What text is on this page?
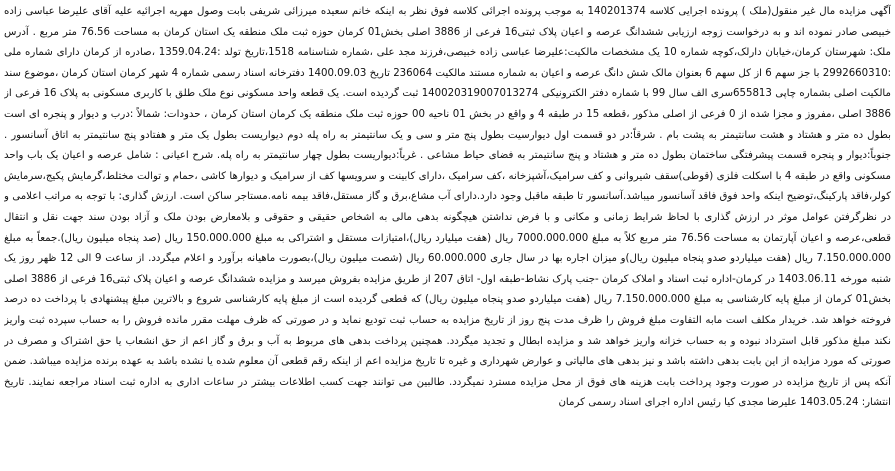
آگهی مزایده مال غیر منقول(ملک ) پرونده اجرایی کلاسه 140201374 به موجب پرونده اجرائی کلاسه فوق نظر به اینکه خانم سعیده میرزائی شریفی بابت وصول مهریه اجرائیه علیه آقای علیرضا عباسی زاده خبیصی صادر نموده اند و به درخواست زوجه ارزیابی ششدانگ عرصه و اعیان پلاک ثبتی16 فرعی از 3886 اصلی بخش01 کرمان حوزه ثبت ملک منطقه یک استان کرمان به مساحت 76.56 متر مربع . آدرس ملک: شهرستان کرمان،خیابان دارلک،کوچه شماره 10 یک مشخصات مالکیت:علیرضا عباسی زاده خبیصی،فرزند مجد علی ،شماره شناسنامه 1518،تاریخ تولد :1359.04.24 ،صادره از کرمان دارای شماره ملی :2992660310 با جز سهم 6 از کل سهم 6 بعنوان مالک شش دانگ عرصه و اعیان به شماره مستند مالکیت 236064 تاریخ 1400.09.03 دفترخانه اسناد رسمی شماره 4 شهر کرمان استان کرمان ،موضوع سند مالکیت اصلی بشماره چاپی 655813سری الف سال 99 با شماره دفتر الکترونیکی 140020319007013274 ثبت گردیده است. یک قطعه واحد مسکونی نوع ملک طلق با کاربری مسکونی به پلاک 16 فرعی از 3886 اصلی ،مفروز و مجزا شده از 0 فرعی از اصلی مذکور ،قطعه 15 در طبقه 4 و واقع در بخش 01 ناحیه 00 حوزه ثبت ملک منطقه یک کرمان استان کرمان ، حدودات: شمالاً :درب و دیوار و پنجره ای است بطول ده متر و هشتاد و هشت سانتیمتر به پشت بام . شرقاً:در دو قسمت اول دیوارسیت بطول پنج متر و سی و یک سانتیمتر به راه پله دوم دیواریست بطول یک متر و هفتادو پنج سانتیمتر به اتاق آسانسور . جنوباً:دیوار و پنجره قسمت پیشرفتگی ساختمان بطول ده متر و هشتاد و پنج سانتیمتر به فضای حیاط مشاعی . غرباً:دیواریست بطول چهار سانتیمتر به راه پله. شرح اعیانی : شامل عرصه و اعیان یک باب واحد مسکونی واقع در طبقه 4 با اسکلت فلزی (قوطی)سقف شیروانی و کف سرامیک،آشپزخانه ،کف سرامیک ،دارای کابینت و سرویسها کف از سرامیک و دیوارها کاشی ،حمام و توالت مختلط،گرمایش پکیج،سرمایش کولر،فاقد پارکینگ،توضیح اینکه واحد فوق فاقد آسانسور میباشد.آسانسور تا طبقه ماقبل وجود دارد.دارای آب مشاع،برق و گاز مستقل،فاقد بیمه نامه.مستاجر ساکن است. ارزش گذاری: با توجه به مراتب اعلامی و در نظرگرفتن عوامل موثر در ارزش گذاری با لحاظ شرایط زمانی و مکانی و با فرض نداشتن هیچگونه بدهی مالی به اشخاص حقیقی و حقوقی و بلامعارض بودن ملک و آزاد بودن سند جهت نقل و انتقال قطعی،عرصه و اعیان آپارتمان به مساحت 76.56 متر مربع کلاً به مبلغ 7000.000.000 ریال (هفت میلیارد ریال)،امتیازات مستقل و اشتراکی به مبلغ 150.000.000 ریال (صد پنجاه میلیون ریال).جمعاً به مبلغ 7.150.000.000 ریال (هفت میلیاردو صدو پنجاه میلیون ریال)و میزان اجاره بها در سال جاری 60.000.000 ریال (شصت میلیون ریال)،بصورت ماهیانه برآورد و اعلام میگردد. از ساعت 9 الی 12 ظهر روز یک شنبه مورخه 1403.06.11 در کرمان-اداره ثبت اسناد و املاک کرمان -جنب پارک نشاط-طبقه اول- اتاق 207 از طریق مزایده بفروش میرسد و مزایده ششدانگ عرصه و اعیان پلاک ثبتی16 فرعی از 3886 اصلی بخش01 کرمان از مبلغ پایه کارشناسی به مبلغ 7.150.000.000 ریال (هفت میلیاردو صدو پنجاه میلیون ریال) که قطعی گردیده است از مبلغ پایه کارشناسی شروع و بالاترین مبلغ پیشنهادی با پرداخت ده درصد فروخته خواهد شد. خریدار مکلف است مابه التفاوت مبلغ فروش را ظرف مدت پنج روز از تاریخ مزایده به حساب ثبت تودیع نماید و در صورتی که ظرف مهلت مقرر مانده فروش را به حساب سپرده ثبت واریز نکند مبلغ مذکور قابل استرداد نبوده و به حساب خزانه واریز خواهد شد و مزایده ابطال و تجدید میگردد. همچنین پرداخت بدهی های مربوط به آب و برق و گاز اعم از حق انشعاب یا حق اشتراک و مصرف در صورتی که مورد مزایده از این بابت بدهی داشته باشد و نیز بدهی های مالیاتی و عوارض شهرداری و غیره تا تاریخ مزایده اعم از اینکه رقم قطعی آن معلوم شده یا نشده باشد به عهده برنده مزایده میباشد. ضمن آنکه پس از تاریخ مزایده در صورت وجود پرداخت بابت هزینه های فوق از محل مزایده مسترد نمیگردد. طالبین می توانند جهت کسب اطلاعات بیشتر در ساعات اداری به اداره ثبت اسناد مراجعه نمایند. تاریخ انتشار: 1403.05.24 علیرضا مجدی کیا رئیس اداره اجرای اسناد رسمی کرمان
